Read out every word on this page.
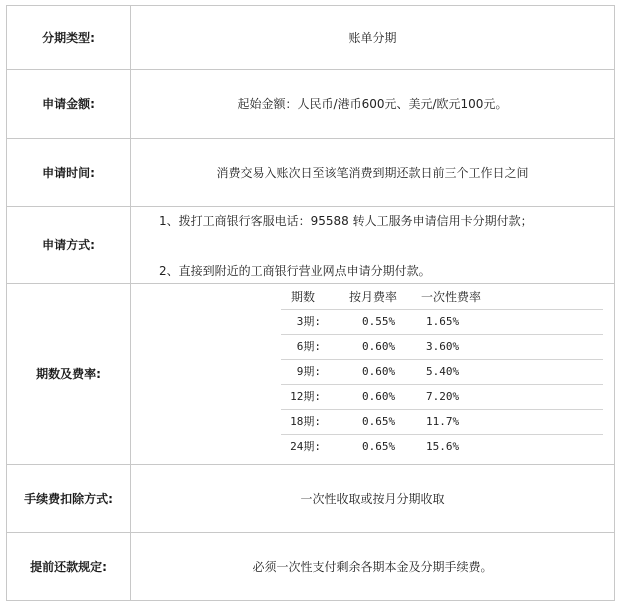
分期类型:	账单分期
申请金额:	起始金额：人民币/港币600元、美元/欧元100元。
申请时间:	消费交易入账次日至该笔消费到期还款日前三个工作日之间
申请方式:
1、拨打工商银行客服电话：95588 转人工服务申请信用卡分期付款；
2、直接到附近的工商银行营业网点申请分期付款。
期数及费率:
期数	按月费率 一次性费率
3期:	0.55%	1.65%
6期:	0.60%	3.60%
9期:	0.60%	5.40%
12期:	0.60%	7.20%
18期:	0.65%	11.7%
24期:	0.65%	15.6%
手续费扣除方式:	一次性收取或按月分期收取
提前还款规定:	必须一次性支付剩余各期本金及分期手续费。
